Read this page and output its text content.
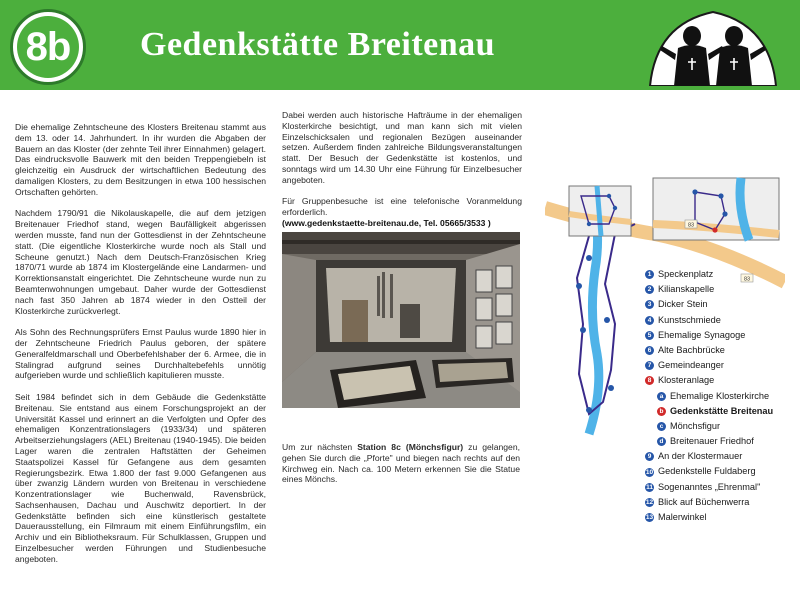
8b Gedenkstätte Breitenau

Die ehemalige Zehntscheune des Klosters Breitenau stammt aus dem 13. oder 14. Jahrhundert. In ihr wurden die Abgaben der Bauern an das Kloster (der zehnte Teil ihrer Einnahmen) gelagert. Das eindrucksvolle Bauwerk mit den beiden Treppengiebeln ist gleichzeitig ein Ausdruck der wirtschaftlichen Bedeutung des damaligen Klosters, zu dem Besitzungen in etwa 100 hessischen Ortschaften gehörten.

Nachdem 1790/91 die Nikolauskapelle, die auf dem jetzigen Breitenauer Friedhof stand, wegen Baufälligkeit abgerissen werden musste, fand nun der Gottesdienst in der Zehntscheune statt. (Die eigentliche Klosterkirche wurde noch als Stall und Scheune genutzt.) Nach dem Deutsch-Französischen Krieg 1870/71 wurde ab 1874 im Klostergelände eine Landarmen- und Korrektionsanstalt eingerichtet. Die Zehntscheune wurde nun zu Beamtenwohnungen umgebaut. Daher wurde der Gottesdienst nach fast 350 Jahren ab 1874 wieder in den Ostteil der Klosterkirche zurückverlegt.

Als Sohn des Rechnungsprüfers Ernst Paulus wurde 1890 hier in der Zehntscheune Friedrich Paulus geboren, der spätere Generalfeldmarschall und Oberbefehlshaber der 6. Armee, die in Stalingrad aufgrund seines Durchhaltebefehls unnötig aufgerieben wurde und schließlich kapitulieren musste.

Seit 1984 befindet sich in dem Gebäude die Gedenkstätte Breitenau. Sie entstand aus einem Forschungsprojekt an der Universität Kassel und erinnert an die Verfolgten und Opfer des ehemaligen Konzentrationslagers (1933/34) und späteren Arbeitserziehungslagers (AEL) Breitenau (1940-1945). Die beiden Lager waren die zentralen Haftstätten der Geheimen Staatspolizei Kassel für Gefangene aus dem gesamten Regierungsbezirk. Etwa 1.800 der fast 9.000 Gefangenen aus über zwanzig Ländern wurden von Breitenau in verschiedene Konzentrationslager wie Buchenwald, Ravensbrück, Sachsenhausen, Dachau und Auschwitz deportiert. In der Gedenkstätte befinden sich eine künstlerisch gestaltete Dauerausstellung, ein Filmraum mit einem Einführungsfilm, ein Archiv und ein Bibliotheksraum. Für Schulklassen, Gruppen und Einzelbesucher werden Führungen und Studienbesuche angeboten.

Dabei werden auch historische Hafträume in der ehemaligen Klosterkirche besichtigt, und man kann sich mit vielen Einzelschicksalen und regionalen Bezügen auseinander setzen. Außerdem finden zahlreiche Bildungsveranstaltungen statt. Der Besuch der Gedenkstätte ist kostenlos, und sonntags wird um 14.30 Uhr eine Führung für Einzelbesucher angeboten.

Für Gruppenbesuche ist eine telefonische Voranmeldung erforderlich.

(www.gedenkstaette-breitenau.de, Tel. 05665/3533 )

Um zur nächsten Station 8c (Mönchsfigur) zu gelangen, gehen Sie durch die „Pforte" und biegen nach rechts auf den Kirchweg ein. Nach ca. 100 Metern erkennen Sie die Statue eines Mönchs.

83
83
1 Speckenplatz
2 Kilianskapelle
3 Dicker Stein
4 Kunstschmiede
5 Ehemalige Synagoge
6 Alte Bachbrücke
7 Gemeindeanger
8 Klosteranlage
a Ehemalige Klosterkirche
b Gedenkstätte Breitenau
c Mönchsfigur
d Breitenauer Friedhof
9 An der Klostermauer
10 Gedenkstelle Fuldaberg
11 Sogenanntes „Ehrenmal"
12 Blick auf Büchenwerra
13 Malerwinkel
